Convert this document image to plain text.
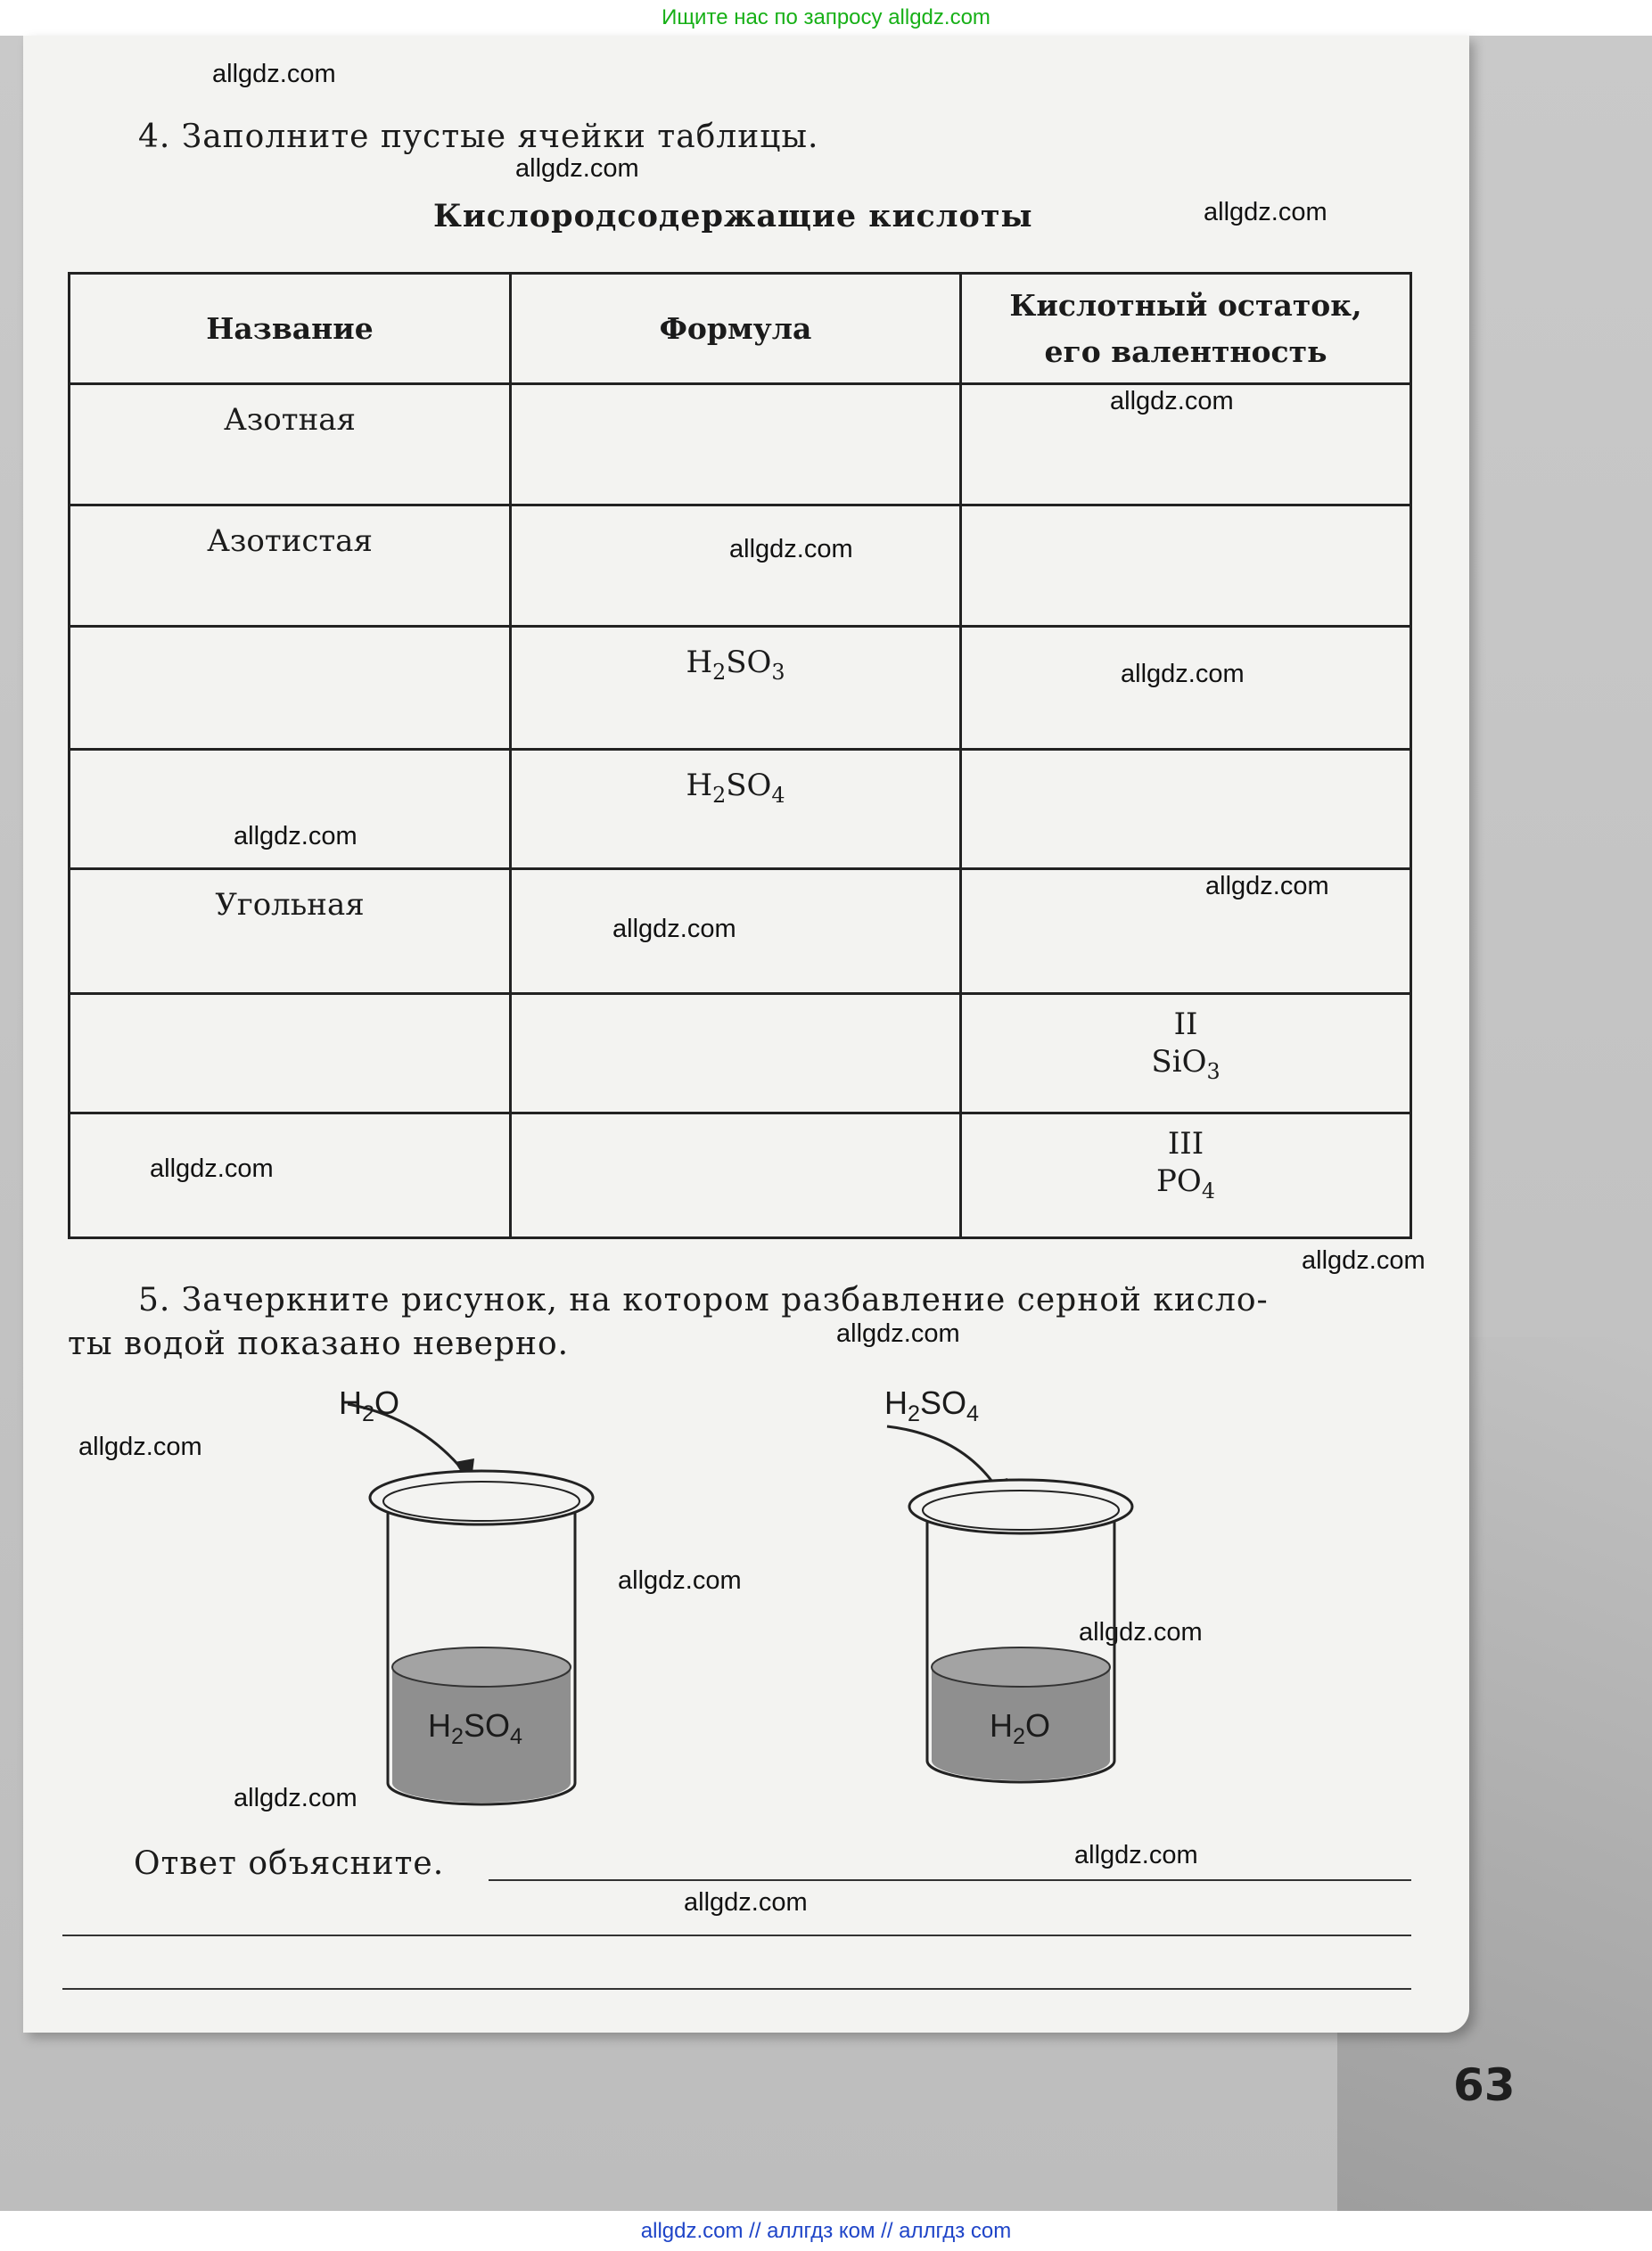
Ищите нас по запросу allgdz.com
allgdz.com
allgdz.com
allgdz.com
allgdz.com
allgdz.com
allgdz.com
allgdz.com
allgdz.com
allgdz.com
allgdz.com
allgdz.com
allgdz.com
allgdz.com
allgdz.com
allgdz.com
allgdz.com
allgdz.com
allgdz.com
4. Заполните пустые ячейки таблицы.
Кислородсодержащие кислоты
Название	Формула	Кислотный остаток,
его валентность

Азотная		

Азотистая		

	$H_2SO_3$	

	$H_2SO_4$	

Угольная		

		II
SiO$_3$

		III
$PO_4$
5. Зачеркните рисунок, на котором разбавление серной кисло-
ты водой показано неверно.
$H_2O$
$H_2SO_4$
$H_2SO_4$
$H_2O$
Ответ объясните.
63
allgdz.com // аллгдз ком // аллгдз com
